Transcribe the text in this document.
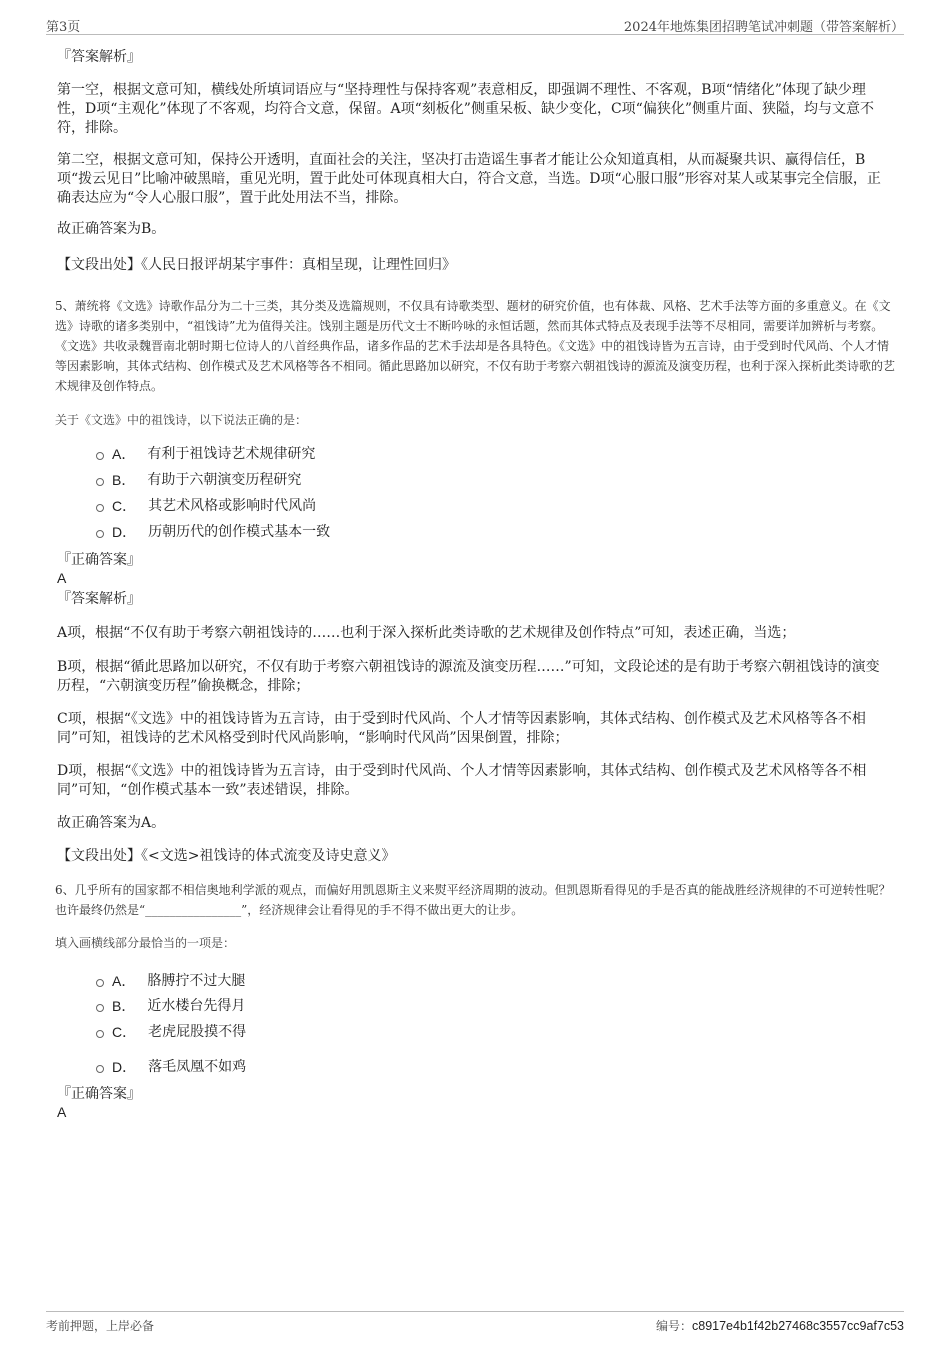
第3页	2024年地炼集团招聘笔试冲刺题（带答案解析）
『答案解析』
第一空，根据文意可知，横线处所填词语应与“坚持理性与保持客观”表意相反，即强调不理性、不客观，B项“情绪化”体现了缺少理性，D项“主观化”体现了不客观，均符合文意，保留。A项“刻板化”侧重呆板、缺少变化，C项“偏狭化”侧重片面、狭隘，均与文意不符，排除。
第二空，根据文意可知，保持公开透明，直面社会的关注，坚决打击造谣生事者才能让公众知道真相，从而凝聚共识、赢得信任，B项“拨云见日”比喻冲破黑暗，重见光明，置于此处可体现真相大白，符合文意，当选。D项“心服口服”形容对某人或某事完全信服，正确表达应为“令人心服口服”，置于此处用法不当，排除。
故正确答案为B。
【文段出处】《人民日报评胡某宇事件：真相呈现，让理性回归》
5、萧统将《文选》诗歌作品分为二十三类，其分类及选篇规则，不仅具有诗歌类型、题材的研究价值，也有体裁、风格、艺术手法等方面的多重意义。在《文选》诗歌的诸多类别中，“祖饯诗”尤为值得关注。饯别主题是历代文士不断吟咏的永恒话题，然而其体式特点及表现手法等不尽相同，需要详加辨析与考察。《文选》共收录魏晋南北朝时期七位诗人的八首经典作品，诸多作品的艺术手法却是各具特色。《文选》中的祖饯诗皆为五言诗，由于受到时代风尚、个人才情等因素影响，其体式结构、创作模式及艺术风格等各不相同。循此思路加以研究，不仅有助于考察六朝祖饯诗的源流及演变历程，也利于深入探析此类诗歌的艺术规律及创作特点。
关于《文选》中的祖饯诗，以下说法正确的是：
A． 有利于祖饯诗艺术规律研究
B． 有助于六朝演变历程研究
C． 其艺术风格或影响时代风尚
D． 历朝历代的创作模式基本一致
『正确答案』
A
『答案解析』
A项，根据“不仅有助于考察六朝祖饯诗的……也利于深入探析此类诗歌的艺术规律及创作特点”可知，表述正确，当选；
B项，根据“循此思路加以研究，不仅有助于考察六朝祖饯诗的源流及演变历程……”可知，文段论述的是有助于考察六朝祖饯诗的演变历程，“六朝演变历程”偷换概念，排除；
C项，根据“《文选》中的祖饯诗皆为五言诗，由于受到时代风尚、个人才情等因素影响，其体式结构、创作模式及艺术风格等各不相同”可知，祖饯诗的艺术风格受到时代风尚影响，“影响时代风尚”因果倒置，排除；
D项，根据“《文选》中的祖饯诗皆为五言诗，由于受到时代风尚、个人才情等因素影响，其体式结构、创作模式及艺术风格等各不相同”可知，“创作模式基本一致”表述错误，排除。
故正确答案为A。
【文段出处】《<文选>祖饯诗的体式流变及诗史意义》
6、几乎所有的国家都不相信奥地利学派的观点，而偏好用凯恩斯主义来熨平经济周期的波动。但凯恩斯看得见的手是否真的能战胜经济规律的不可逆转性呢？也许最终仍然是“________________”，经济规律会让看得见的手不得不做出更大的让步。
填入画横线部分最恰当的一项是：
A． 胳膊拧不过大腿
B． 近水楼台先得月
C． 老虎屁股摸不得
D． 落毛凤凰不如鸡
『正确答案』
A
考前押题，上岸必备	编号：c8917e4b1f42b27468c3557cc9af7c53
